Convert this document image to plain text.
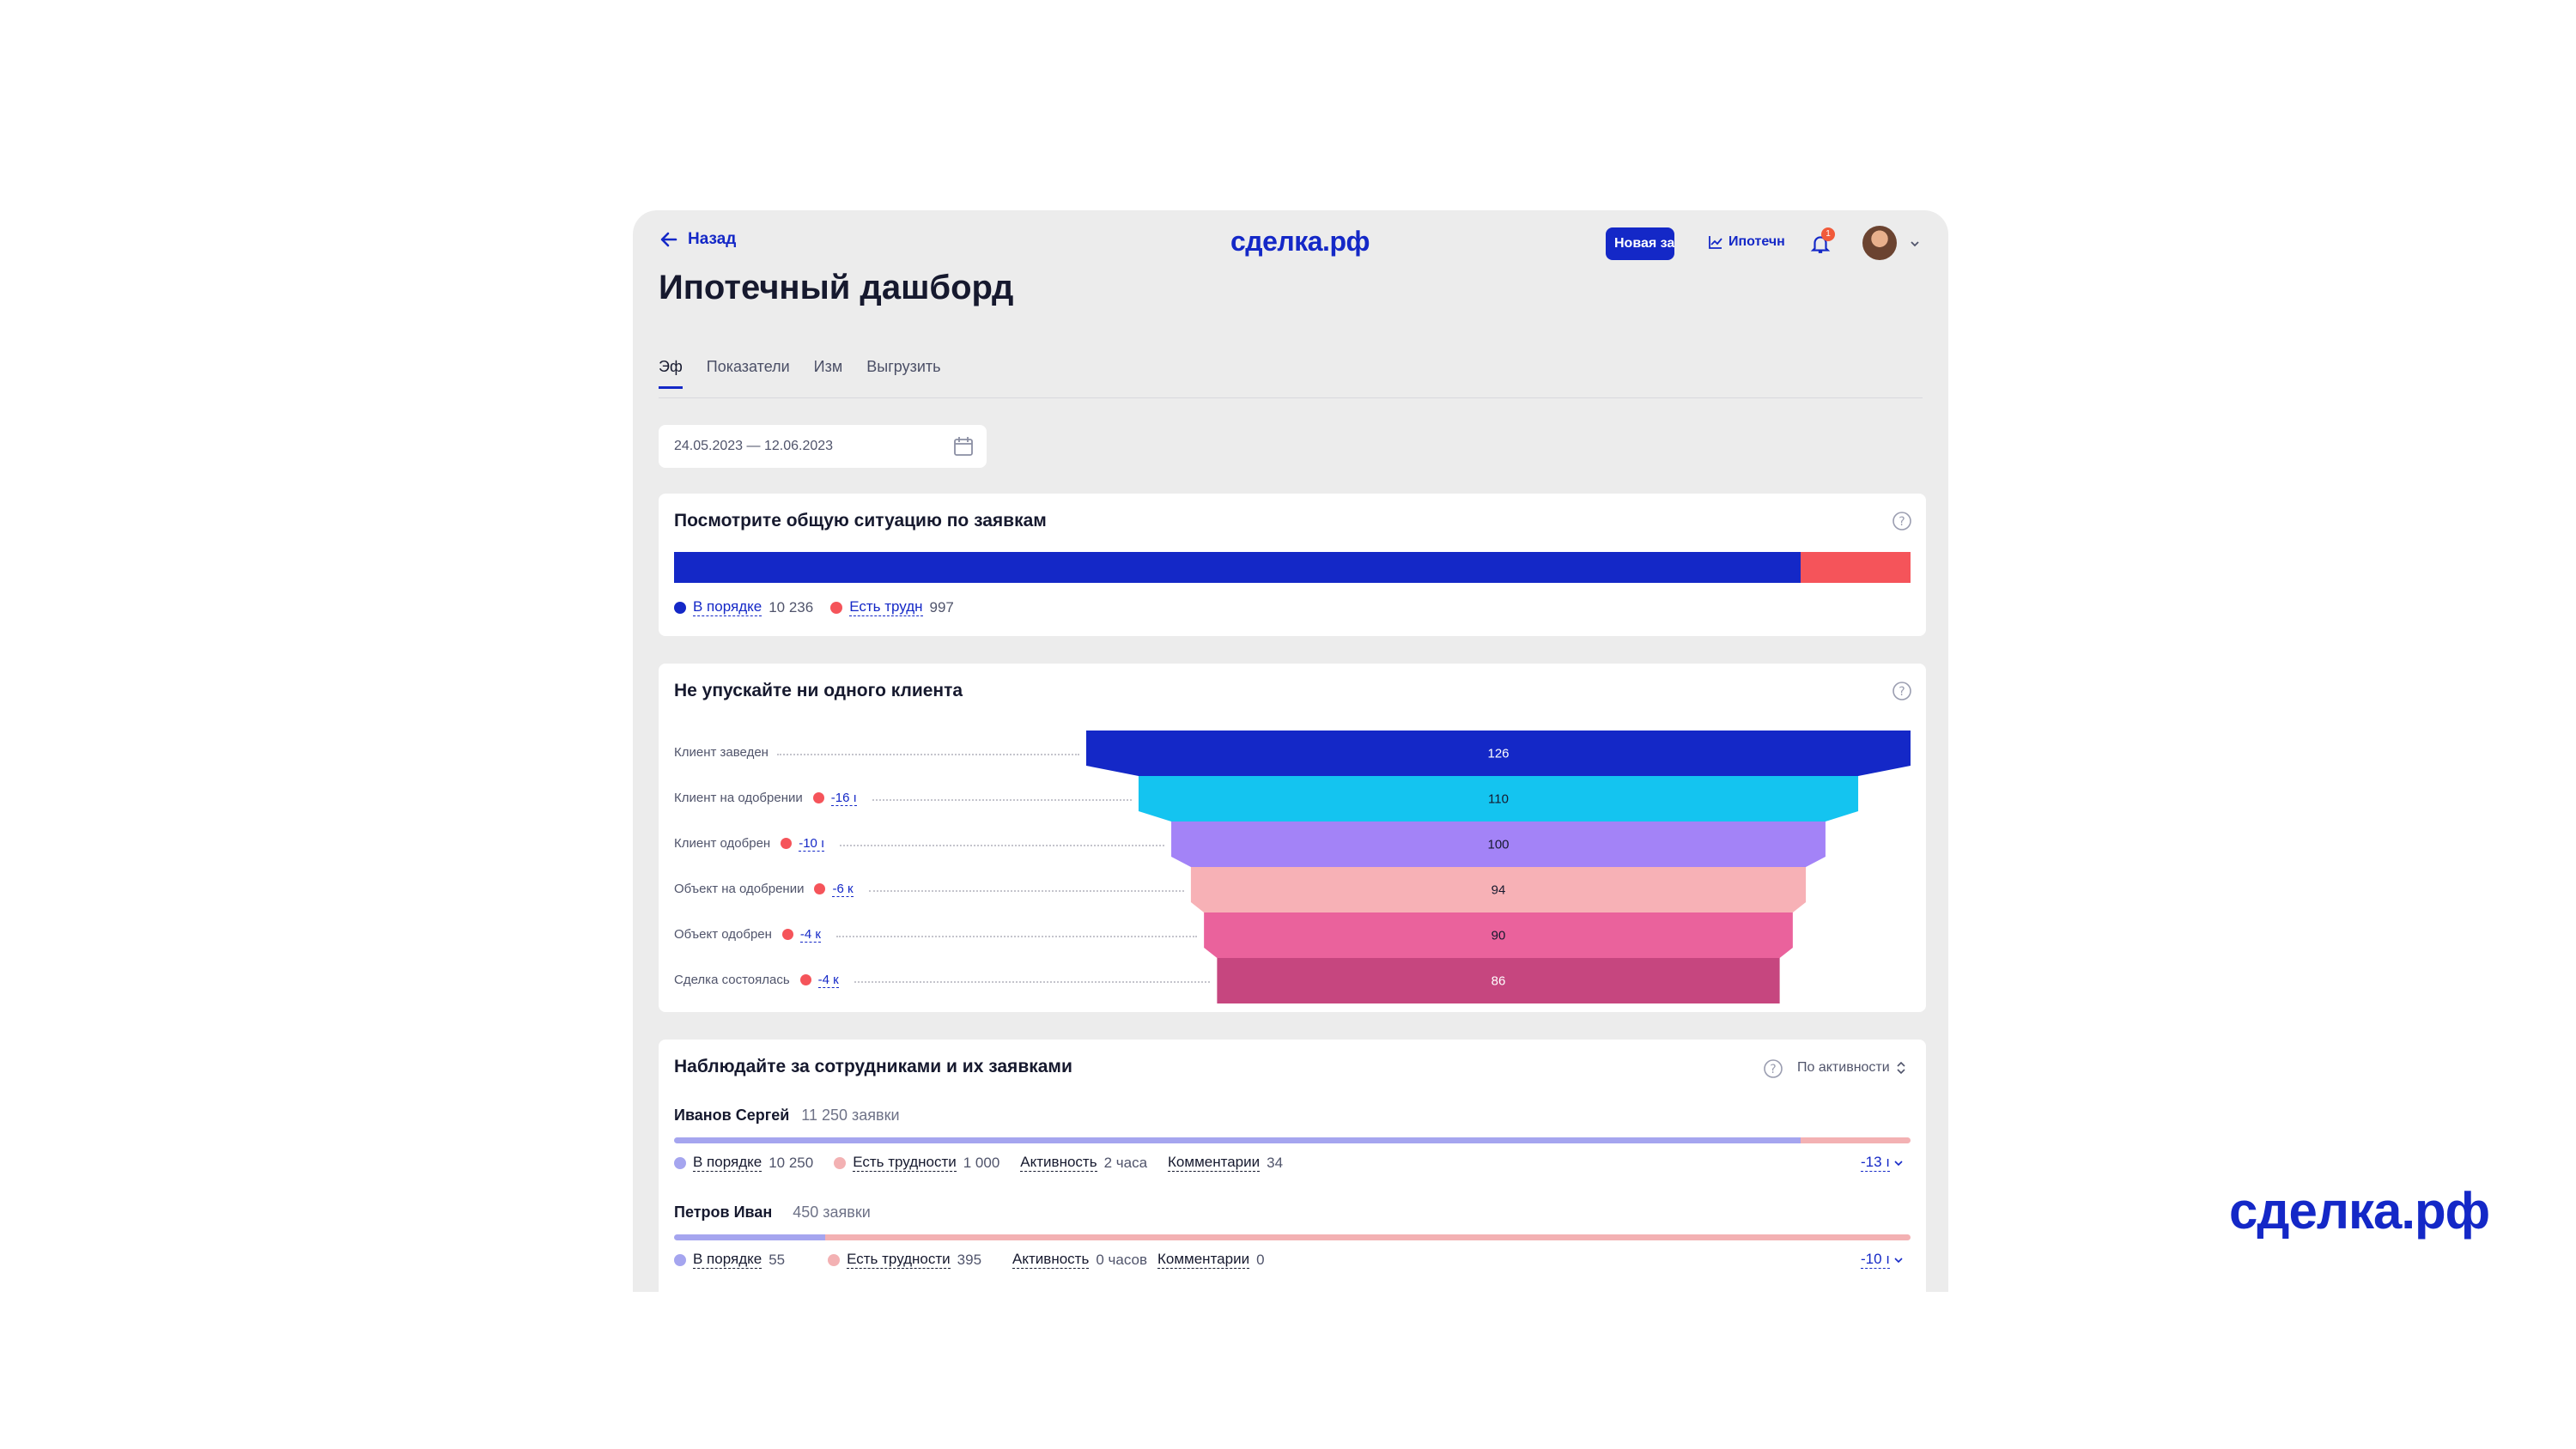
Назад	сделка.рф	Новая за	Ипотечн
1
Ипотечный дашборд
Эф Показатели Изм Выгрузить
24.05.2023 — 12.06.2023
Посмотрите общую ситуацию по заявкам	?
В порядке 10 236 Есть трудн 997
Не упускайте ни одного клиента	?
126
110
100
94
90
86
Клиент заведен
Клиент на одобрении -16 ı
Клиент одобрен -10 ı
Объект на одобрении -6 к
Объект одобрен -4 к
Сделка состоялась -4 к
Наблюдайте за сотрудниками и их заявками	? По активности
Иванов Сергей 11 250 заявки
В порядке 10 250	Есть трудности 1 000 Активность 2 часа Комментарии 34	-13 ı
Петров Иван 450 заявки
В порядке 55	Есть трудности 395 Активность 0 часов Комментарии 0	-10 ı
сделка.рф
